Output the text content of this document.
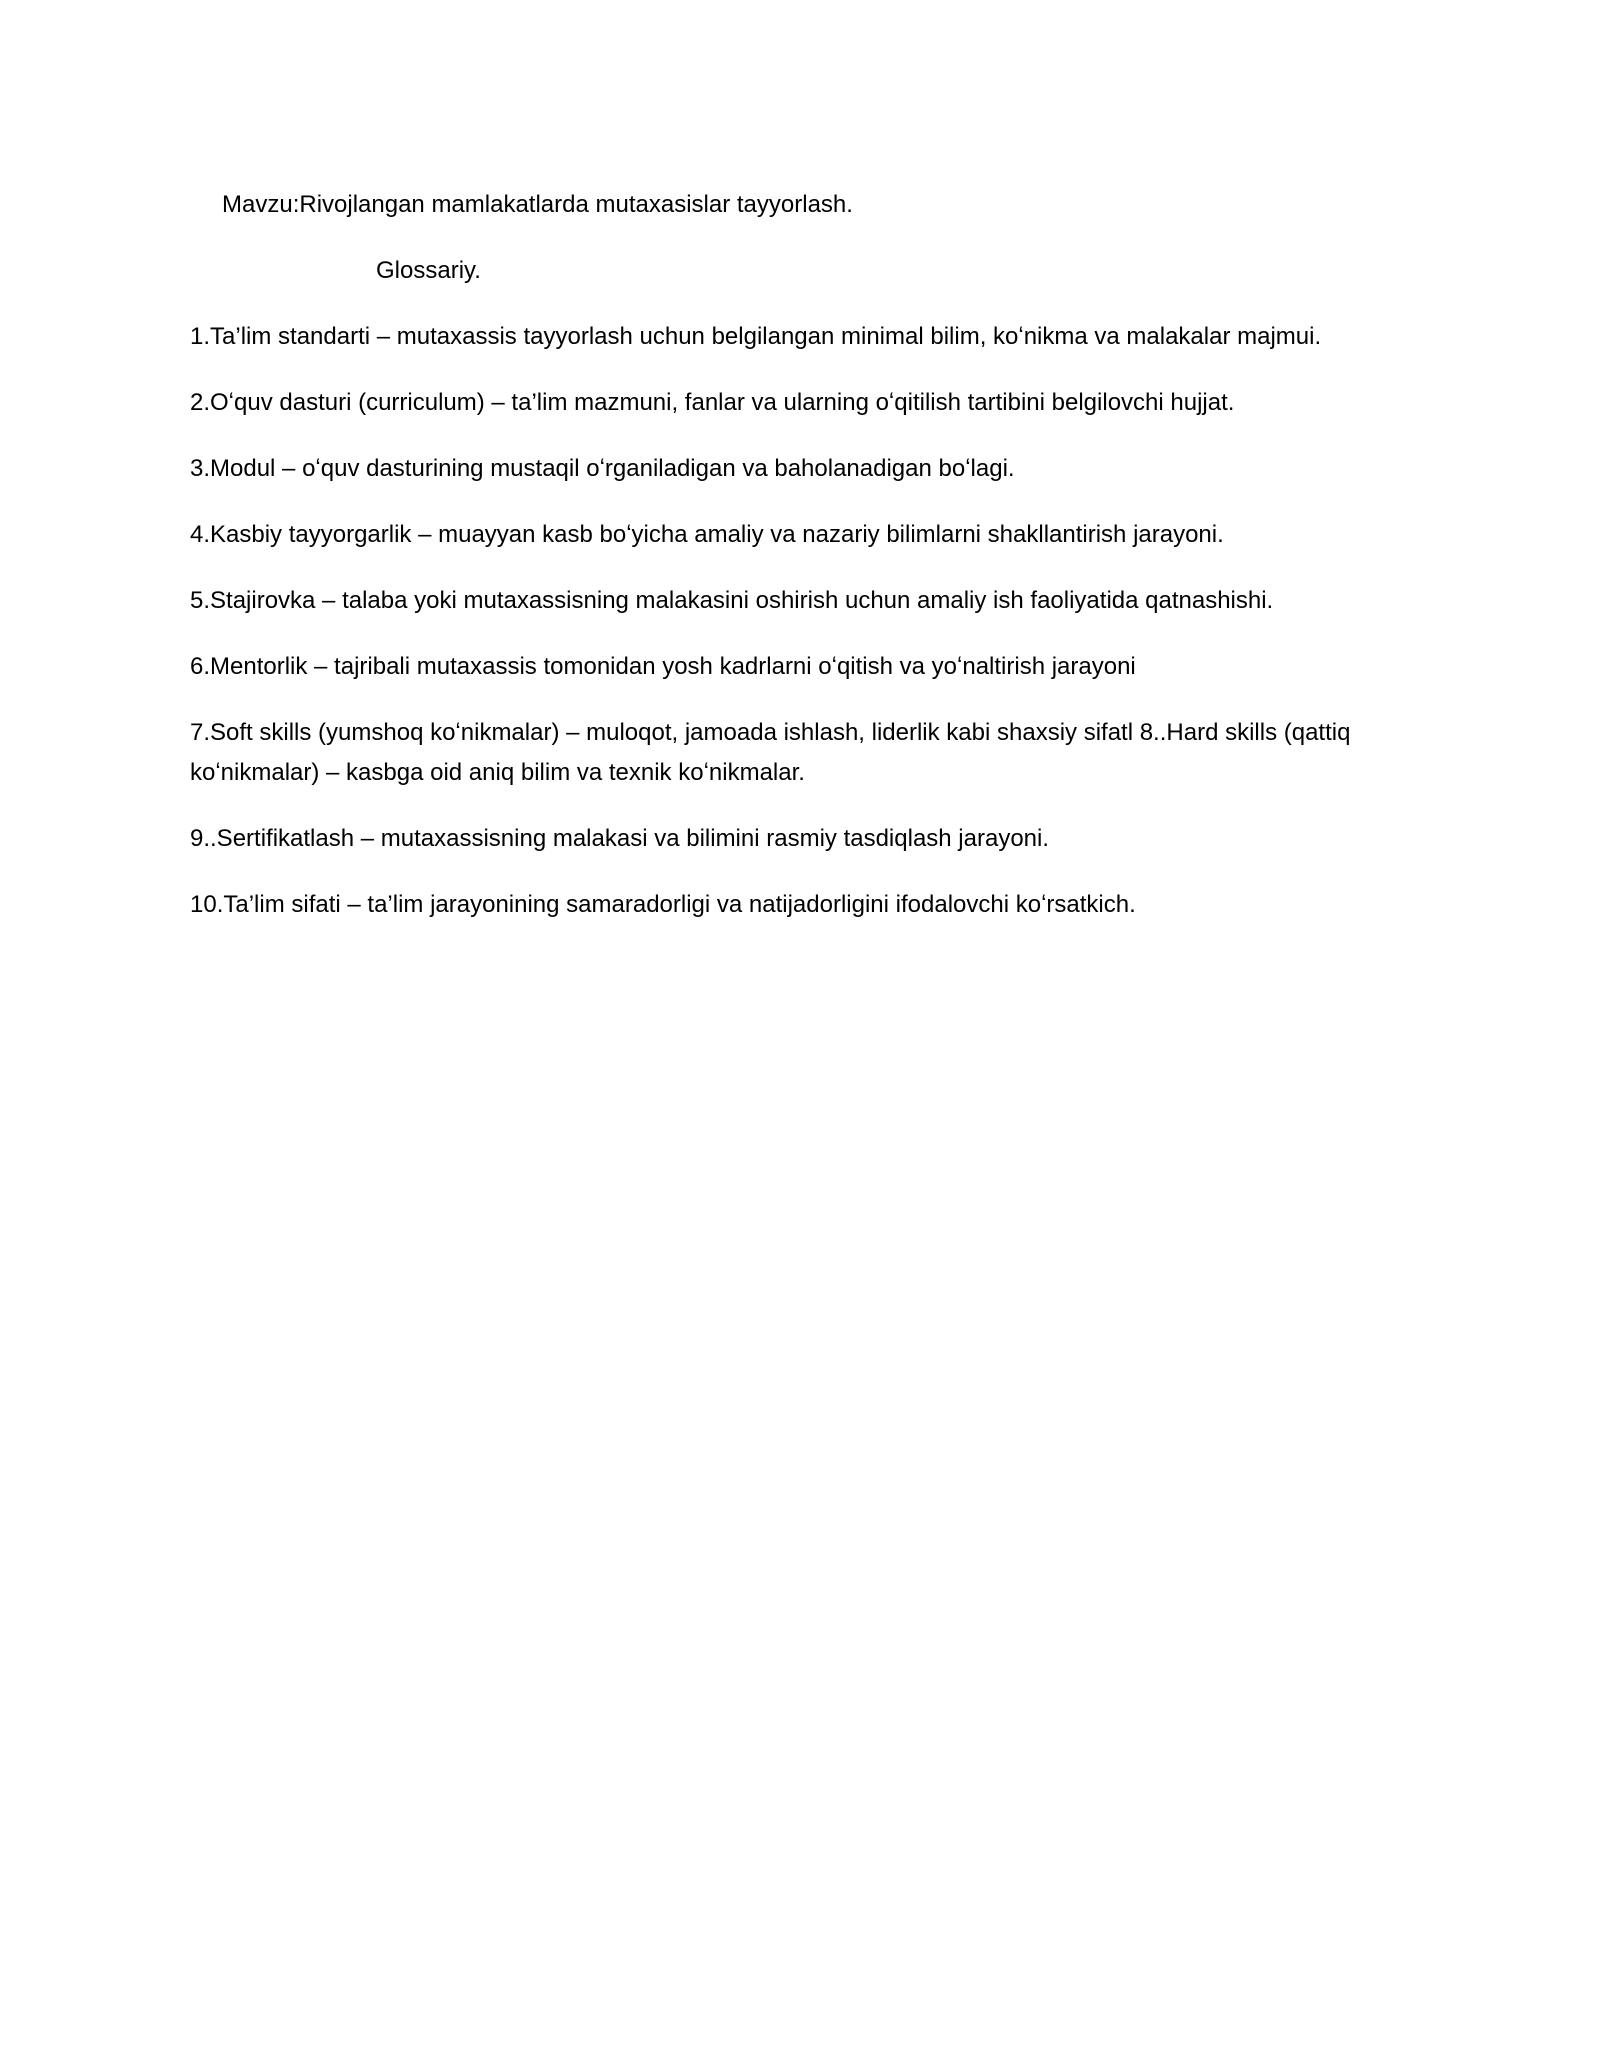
Mavzu:Rivojlangan mamlakatlarda mutaxasislar tayyorlash.

Glossariy.

1.Ta’lim standarti – mutaxassis tayyorlash uchun belgilangan minimal bilim, koʻnikma va malakalar majmui.
2.Oʻquv dasturi (curriculum) – ta’lim mazmuni, fanlar va ularning oʻqitilish tartibini belgilovchi hujjat.
3.Modul – oʻquv dasturining mustaqil oʻrganiladigan va baholanadigan boʻlagi.
4.Kasbiy tayyorgarlik – muayyan kasb boʻyicha amaliy va nazariy bilimlarni shakllantirish jarayoni.
5.Stajirovka – talaba yoki mutaxassisning malakasini oshirish uchun amaliy ish faoliyatida qatnashishi.
6.Mentorlik – tajribali mutaxassis tomonidan yosh kadrlarni oʻqitish va yoʻnaltirish jarayoni
7.Soft skills (yumshoq koʻnikmalar) – muloqot, jamoada ishlash, liderlik kabi shaxsiy sifatl 8..Hard skills (qattiq koʻnikmalar) – kasbga oid aniq bilim va texnik koʻnikmalar.
9..Sertifikatlash – mutaxassisning malakasi va bilimini rasmiy tasdiqlash jarayoni.
10.Ta’lim sifati – ta’lim jarayonining samaradorligi va natijadorligini ifodalovchi koʻrsatkich.
